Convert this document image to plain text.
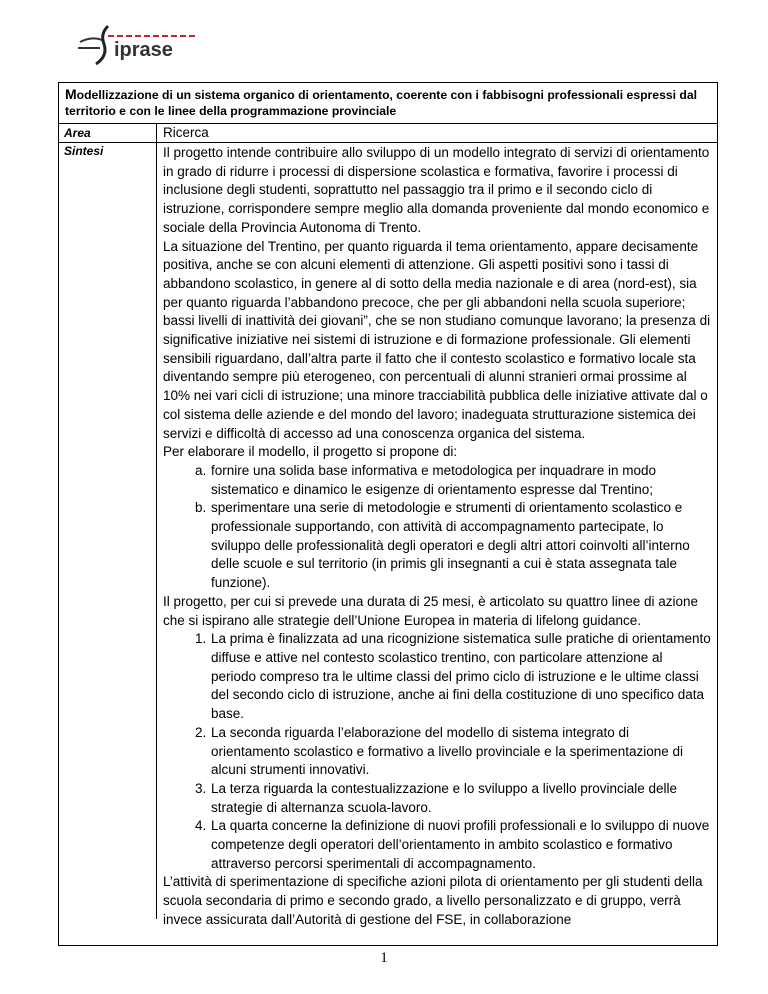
iprase
Modellizzazione di un sistema organico di orientamento, coerente con i fabbisogni professionali espressi dal territorio e con le linee della programmazione provinciale
Area	Ricerca
Sintesi	Il progetto intende contribuire allo sviluppo di un modello integrato di servizi di orientamento in grado di ridurre i processi di dispersione scolastica e formativa, favorire i processi di inclusione degli studenti, soprattutto nel passaggio tra il primo e il secondo ciclo di istruzione, corrispondere sempre meglio alla domanda proveniente dal mondo economico e sociale della Provincia Autonoma di Trento.

La situazione del Trentino, per quanto riguarda il tema orientamento, appare decisamente positiva, anche se con alcuni elementi di attenzione. Gli aspetti positivi sono i tassi di abbandono scolastico, in genere al di sotto della media nazionale e di area (nord-est), sia per quanto riguarda l’abbandono precoce, che per gli abbandoni nella scuola superiore; bassi livelli di inattività dei giovani”, che se non studiano comunque lavorano; la presenza di significative iniziative nei sistemi di istruzione e di formazione professionale. Gli elementi sensibili riguardano, dall’altra parte il fatto che il contesto scolastico e formativo locale sta diventando sempre più eterogeneo, con percentuali di alunni stranieri ormai prossime al 10% nei vari cicli di istruzione; una minore tracciabilità pubblica delle iniziative attivate dal o col sistema delle aziende e del mondo del lavoro; inadeguata strutturazione sistemica dei servizi e difficoltà di accesso ad una conoscenza organica del sistema.

Per elaborare il modello, il progetto si propone di:

a. fornire una solida base informativa e metodologica per inquadrare in modo sistematico e dinamico le esigenze di orientamento espresse dal Trentino;
b. sperimentare una serie di metodologie e strumenti di orientamento scolastico e professionale supportando, con attività di accompagnamento partecipate, lo sviluppo delle professionalità degli operatori e degli altri attori coinvolti all’interno delle scuole e sul territorio (in primis gli insegnanti a cui è stata assegnata tale funzione).

Il progetto, per cui si prevede una durata di 25 mesi, è articolato su quattro linee di azione che si ispirano alle strategie dell’Unione Europea in materia di lifelong guidance.

1. La prima è finalizzata ad una ricognizione sistematica sulle pratiche di orientamento diffuse e attive nel contesto scolastico trentino, con particolare attenzione al periodo compreso tra le ultime classi del primo ciclo di istruzione e le ultime classi del secondo ciclo di istruzione, anche ai fini della costituzione di uno specifico data base.
2. La seconda riguarda l’elaborazione del modello di sistema integrato di orientamento scolastico e formativo a livello provinciale e la sperimentazione di alcuni strumenti innovativi.
3. La terza riguarda la contestualizzazione e lo sviluppo a livello provinciale delle strategie di alternanza scuola-lavoro.
4. La quarta concerne la definizione di nuovi profili professionali e lo sviluppo di nuove competenze degli operatori dell’orientamento in ambito scolastico e formativo attraverso percorsi sperimentali di accompagnamento.

L’attività di sperimentazione di specifiche azioni pilota di orientamento per gli studenti della scuola secondaria di primo e secondo grado, a livello personalizzato e di gruppo, verrà invece assicurata dall’Autorità di gestione del FSE, in collaborazione

1
